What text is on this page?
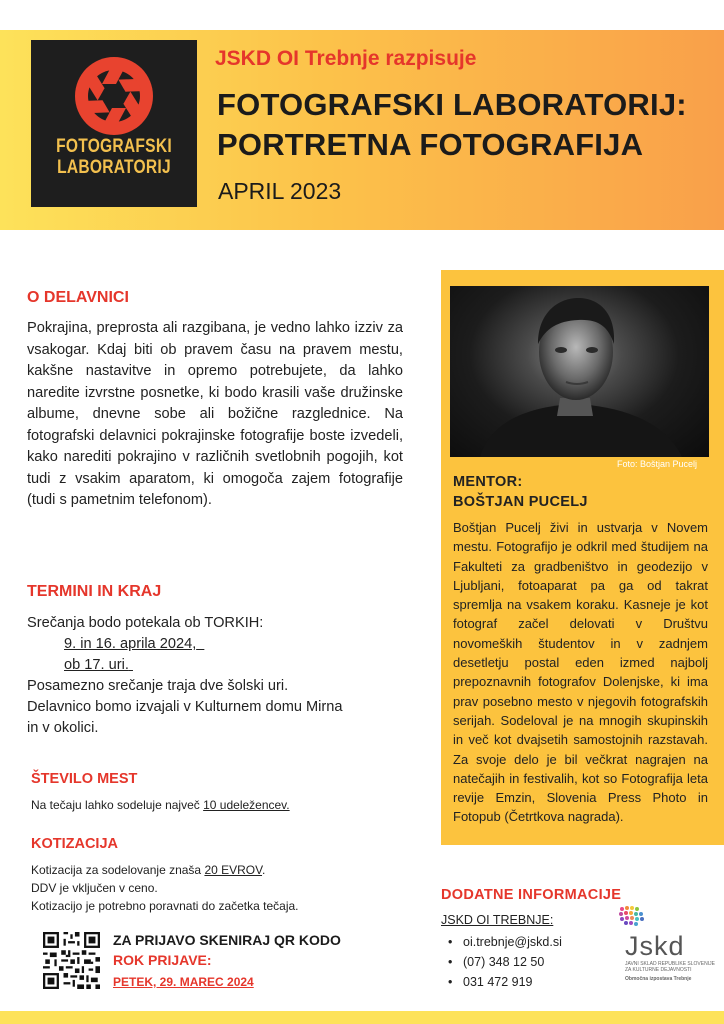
FOTOGRAFSKI
LABORATORIJ
JSKD OI Trebnje razpisuje
FOTOGRAFSKI LABORATORIJ:
PORTRETNA FOTOGRAFIJA
APRIL 2023
O DELAVNICI
Pokrajina, preprosta ali razgibana, je vedno lahko izziv za vsakogar. Kdaj biti ob pravem času na pravem mestu, kakšne nastavitve in opremo potrebujete, da lahko naredite izvrstne posnetke, ki bodo krasili vaše družinske albume, dnevne sobe ali božične razglednice. Na fotografski delavnici pokrajinske fotografije boste izvedeli, kako narediti pokrajino v različnih svetlobnih pogojih, kot tudi z vsakim aparatom, ki omogoča zajem fotografije (tudi s pametnim telefonom).
TERMINI IN KRAJ
Srečanja bodo potekala ob TORKIH:
9. in 16. aprila 2024,
ob 17. uri.
Posamezno srečanje traja dve šolski uri.
Delavnico bomo izvajali v Kulturnem domu Mirna
in v okolici.
ŠTEVILO MEST
Na tečaju lahko sodeluje največ 10 udeležencev.
KOTIZACIJA
Kotizacija za sodelovanje znaša 20 EVROV.
DDV je vključen v ceno.
Kotizacijo je potrebno poravnati do začetka tečaja.
ZA PRIJAVO SKENIRAJ QR KODO
ROK PRIJAVE:
PETEK, 29. MAREC 2024
Foto: Boštjan Pucelj
MENTOR:
BOŠTJAN PUCELJ
Boštjan Pucelj živi in ustvarja v Novem mestu. Fotografijo je odkril med študijem na Fakulteti za gradbeništvo in geodezijo v Ljubljani, fotoaparat pa ga od takrat spremlja na vsakem koraku. Kasneje je kot fotograf začel delovati v Društvu novomeških študentov in v zadnjem desetletju postal eden izmed najbolj prepoznavnih fotografov Dolenjske, ki ima prav posebno mesto v njegovih fotografskih serijah. Sodeloval je na mnogih skupinskih in več kot dvajsetih samostojnih razstavah. Za svoje delo je bil večkrat nagrajen na natečajih in festivalih, kot so Fotografija leta revije Emzin, Slovenia Press Photo in Fotopub (Četrtkova nagrada).
DODATNE INFORMACIJE
JSKD OI TREBNJE:
• oi.trebnje@jskd.si
• (07) 348 12 50
• 031 472 919
Jskd
JAVNI SKLAD REPUBLIKE SLOVENIJE ZA KULTURNE DEJAVNOSTI
Območna izpostava Trebnje
